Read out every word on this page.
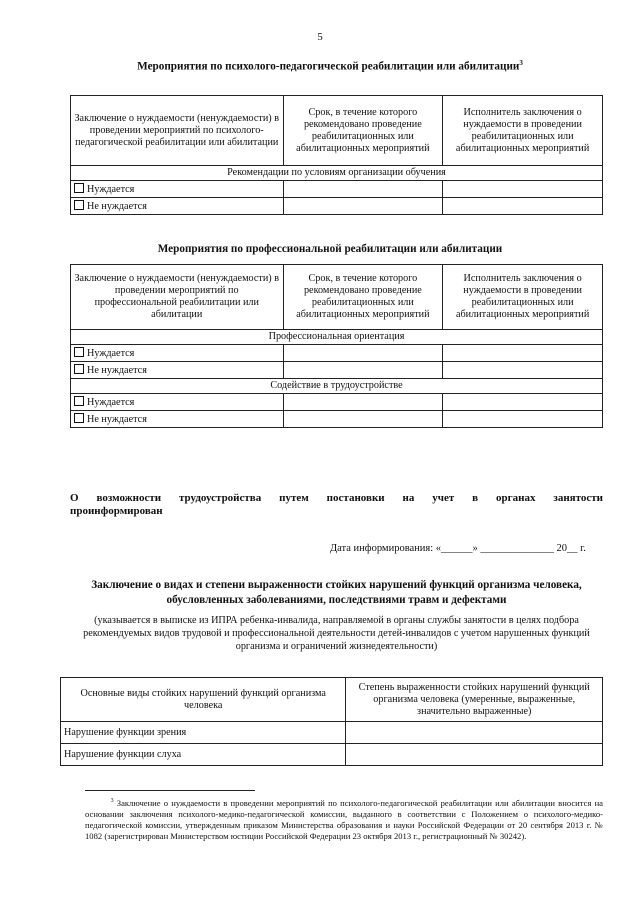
5
Мероприятия по психолого-педагогической реабилитации или абилитации$^3$
Заключение о нуждаемости (ненуждаемости) в проведении мероприятий по психолого-педагогической реабилитации или абилитации	Срок, в течение которого рекомендовано проведение реабилитационных или абилитационных мероприятий	Исполнитель заключения о нуждаемости в проведении реабилитационных или абилитационных мероприятий
Рекомендации по условиям организации обучения		
Нуждается		
Не нуждается		
Мероприятия по профессиональной реабилитации или абилитации
Заключение о нуждаемости (ненуждаемости) в проведении мероприятий по профессиональной реабилитации или абилитации	Срок, в течение которого рекомендовано проведение реабилитационных или абилитационных мероприятий	Исполнитель заключения о нуждаемости в проведении реабилитационных или абилитационных мероприятий
Профессиональная ориентация		
Нуждается		
Не нуждается		
Содействие в трудоустройстве		
Нуждается		
Не нуждается		
О возможности трудоустройства путем постановки на учет в органах занятости
проинформирован
Дата информирования: «______» ______________ 20__ г.
Заключение о видах и степени выраженности стойких нарушений функций организма человека, обусловленных заболеваниями, последствиями травм и дефектами
(указывается в выписке из ИПРА ребенка-инвалида, направляемой в органы службы занятости в целях подбора рекомендуемых видов трудовой и профессиональной деятельности детей-инвалидов с учетом нарушенных функций организма и ограничений жизнедеятельности)
Основные виды стойких нарушений функций организма человека	Степень выраженности стойких нарушений функций организма человека (умеренные, выраженные, значительно выраженные)
Нарушение функции зрения	
Нарушение функции слуха	
$^3$ Заключение о нуждаемости в проведении мероприятий по психолого-педагогической реабилитации или абилитации вносится на основании заключения психолого-медико-педагогической комиссии, выданного в соответствии с Положением о психолого-медико-педагогической комиссии, утвержденным приказом Министерства образования и науки Российской Федерации от 20 сентября 2013 г. № 1082 (зарегистрирован Министерством юстиции Российской Федерации 23 октября 2013 г., регистрационный № 30242).
